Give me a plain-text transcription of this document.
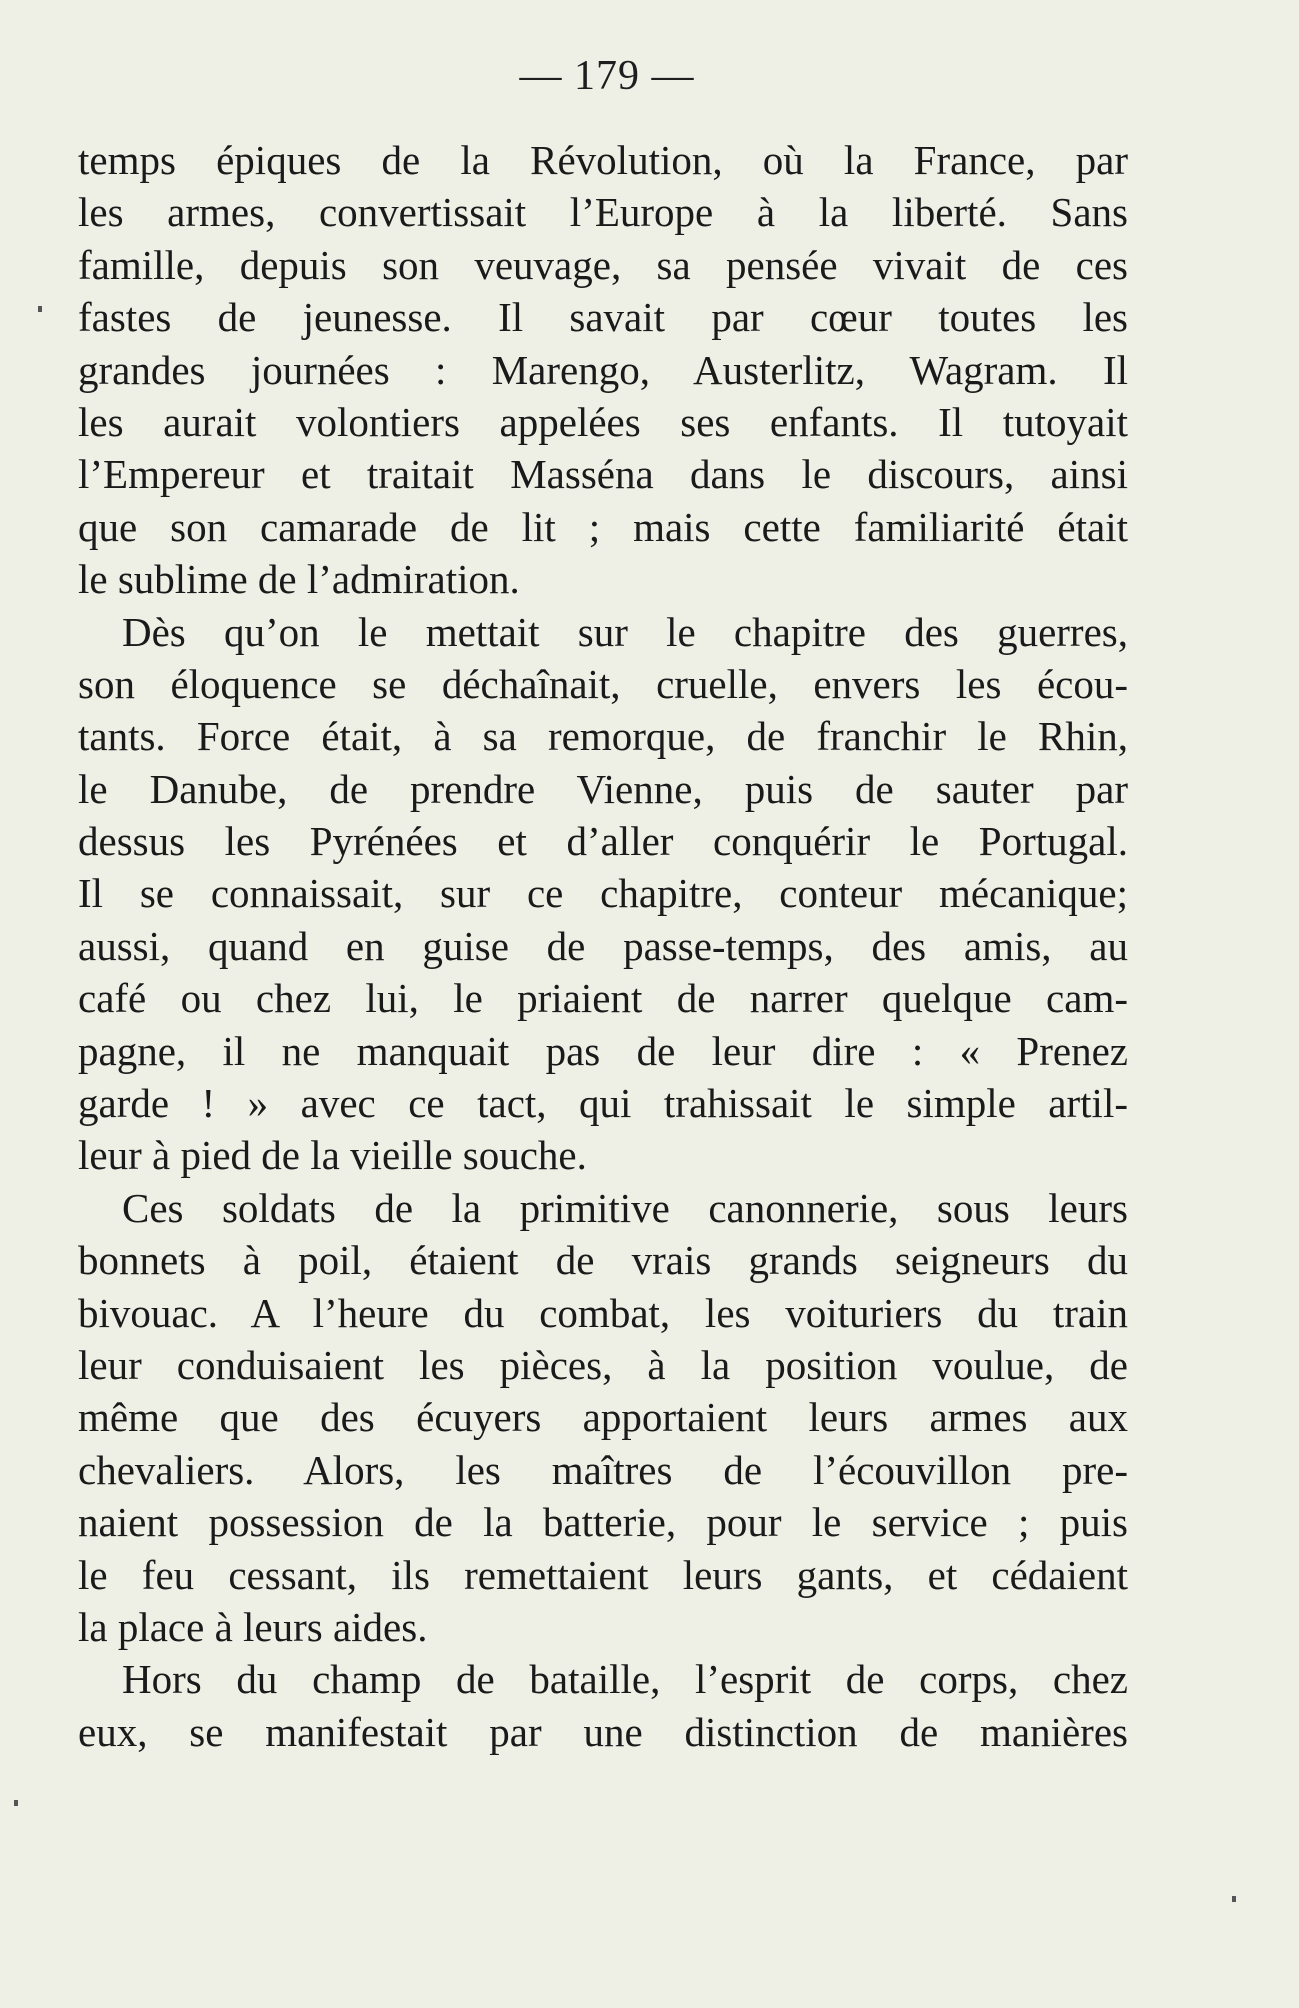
— 179 —
temps épiques de la Révolution, où la France, par
les armes, convertissait l’Europe à la liberté. Sans
famille, depuis son veuvage, sa pensée vivait de ces
fastes de jeunesse. Il savait par cœur toutes les
grandes journées : Marengo, Austerlitz, Wagram. Il
les aurait volontiers appelées ses enfants. Il tutoyait
l’Empereur et traitait Masséna dans le discours, ainsi
que son camarade de lit ; mais cette familiarité était
le sublime de l’admiration.
Dès qu’on le mettait sur le chapitre des guerres,
son éloquence se déchaînait, cruelle, envers les écou-
tants. Force était, à sa remorque, de franchir le Rhin,
le Danube, de prendre Vienne, puis de sauter par
dessus les Pyrénées et d’aller conquérir le Portugal.
Il se connaissait, sur ce chapitre, conteur mécanique;
aussi, quand en guise de passe-temps, des amis, au
café ou chez lui, le priaient de narrer quelque cam-
pagne, il ne manquait pas de leur dire : « Prenez
garde ! » avec ce tact, qui trahissait le simple artil-
leur à pied de la vieille souche.
Ces soldats de la primitive canonnerie, sous leurs
bonnets à poil, étaient de vrais grands seigneurs du
bivouac. A l’heure du combat, les voituriers du train
leur conduisaient les pièces, à la position voulue, de
même que des écuyers apportaient leurs armes aux
chevaliers. Alors, les maîtres de l’écouvillon pre-
naient possession de la batterie, pour le service ; puis
le feu cessant, ils remettaient leurs gants, et cédaient
la place à leurs aides.
Hors du champ de bataille, l’esprit de corps, chez
eux, se manifestait par une distinction de manières
